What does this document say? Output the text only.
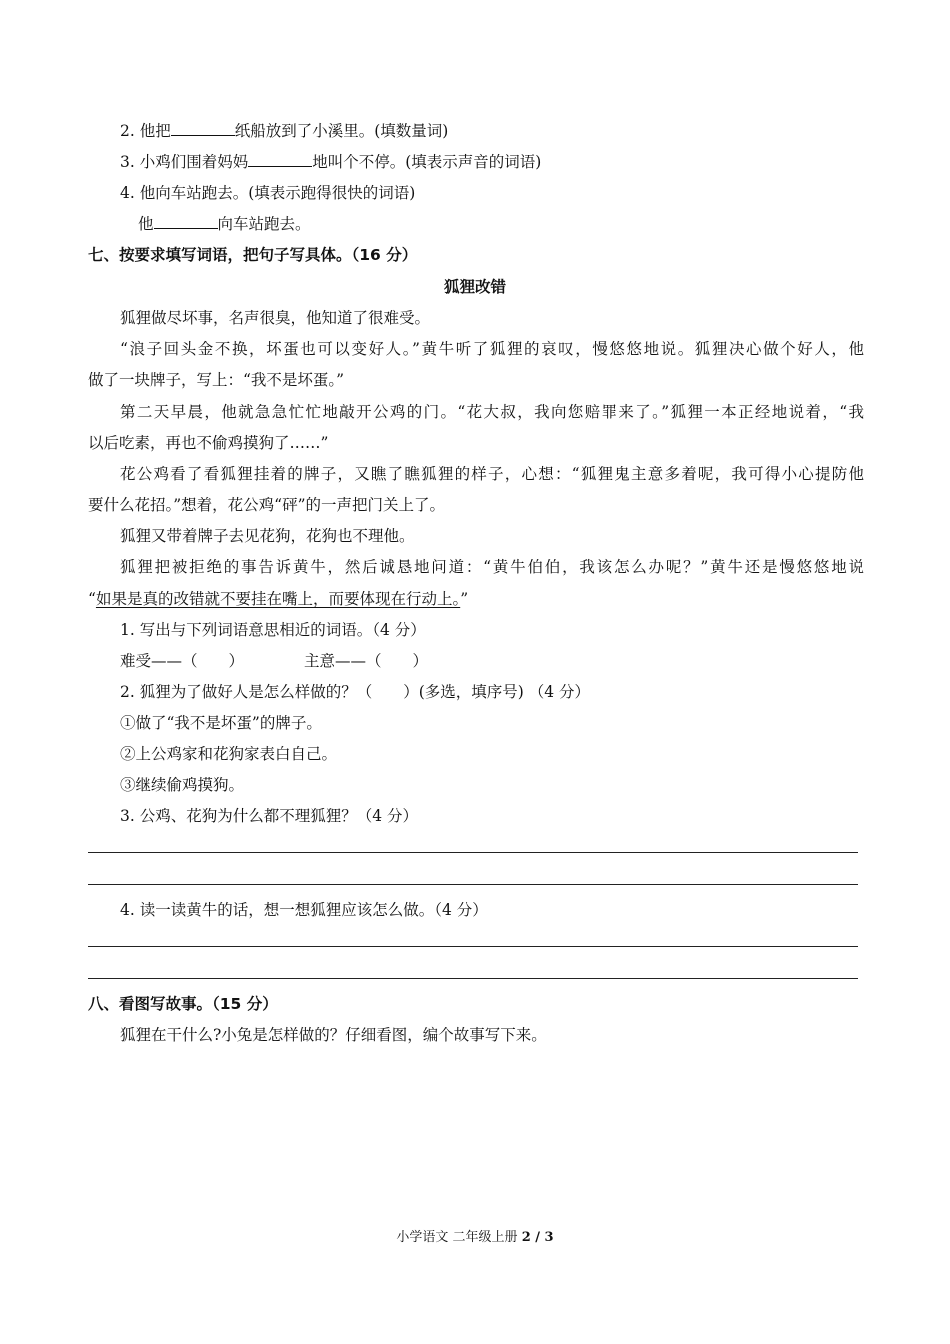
2. 他把	纸船放到了小溪里。(填数量词)
3. 小鸡们围着妈妈	地叫个不停。(填表示声音的词语)
4. 他向车站跑去。(填表示跑得很快的词语)
他	向车站跑去。
七、按要求填写词语，把句子写具体。（16 分）
狐狸改错
狐狸做尽坏事，名声很臭，他知道了很难受。
“浪子回头金不换，坏蛋也可以变好人。”黄牛听了狐狸的哀叹，慢悠悠地说。狐狸决心做个好人，他
做了一块牌子，写上：“我不是坏蛋。”
第二天早晨，他就急急忙忙地敲开公鸡的门。“花大叔，我向您赔罪来了。”狐狸一本正经地说着，“我
以后吃素，再也不偷鸡摸狗了……”
花公鸡看了看狐狸挂着的牌子，又瞧了瞧狐狸的样子，心想：“狐狸鬼主意多着呢，我可得小心提防他
要什么花招。”想着，花公鸡“砰”的一声把门关上了。
狐狸又带着牌子去见花狗，花狗也不理他。
狐狸把被拒绝的事告诉黄牛，然后诚恳地问道：“黄牛伯伯，我该怎么办呢？”黄牛还是慢悠悠地说
“如果是真的改错就不要挂在嘴上，而要体现在行动上。”
1. 写出与下列词语意思相近的词语。（4 分）
难受——（　　）	主意——（　　）
2. 狐狸为了做好人是怎么样做的？（　　）(多选，填序号) （4 分）
①做了“我不是坏蛋”的牌子。
②上公鸡家和花狗家表白自己。
③继续偷鸡摸狗。
3. 公鸡、花狗为什么都不理狐狸？（4 分）
4. 读一读黄牛的话，想一想狐狸应该怎么做。（4 分）
八、看图写故事。（15 分）
狐狸在干什么?小兔是怎样做的？仔细看图，编个故事写下来。
小学语文 二年级上册 2 / 3
